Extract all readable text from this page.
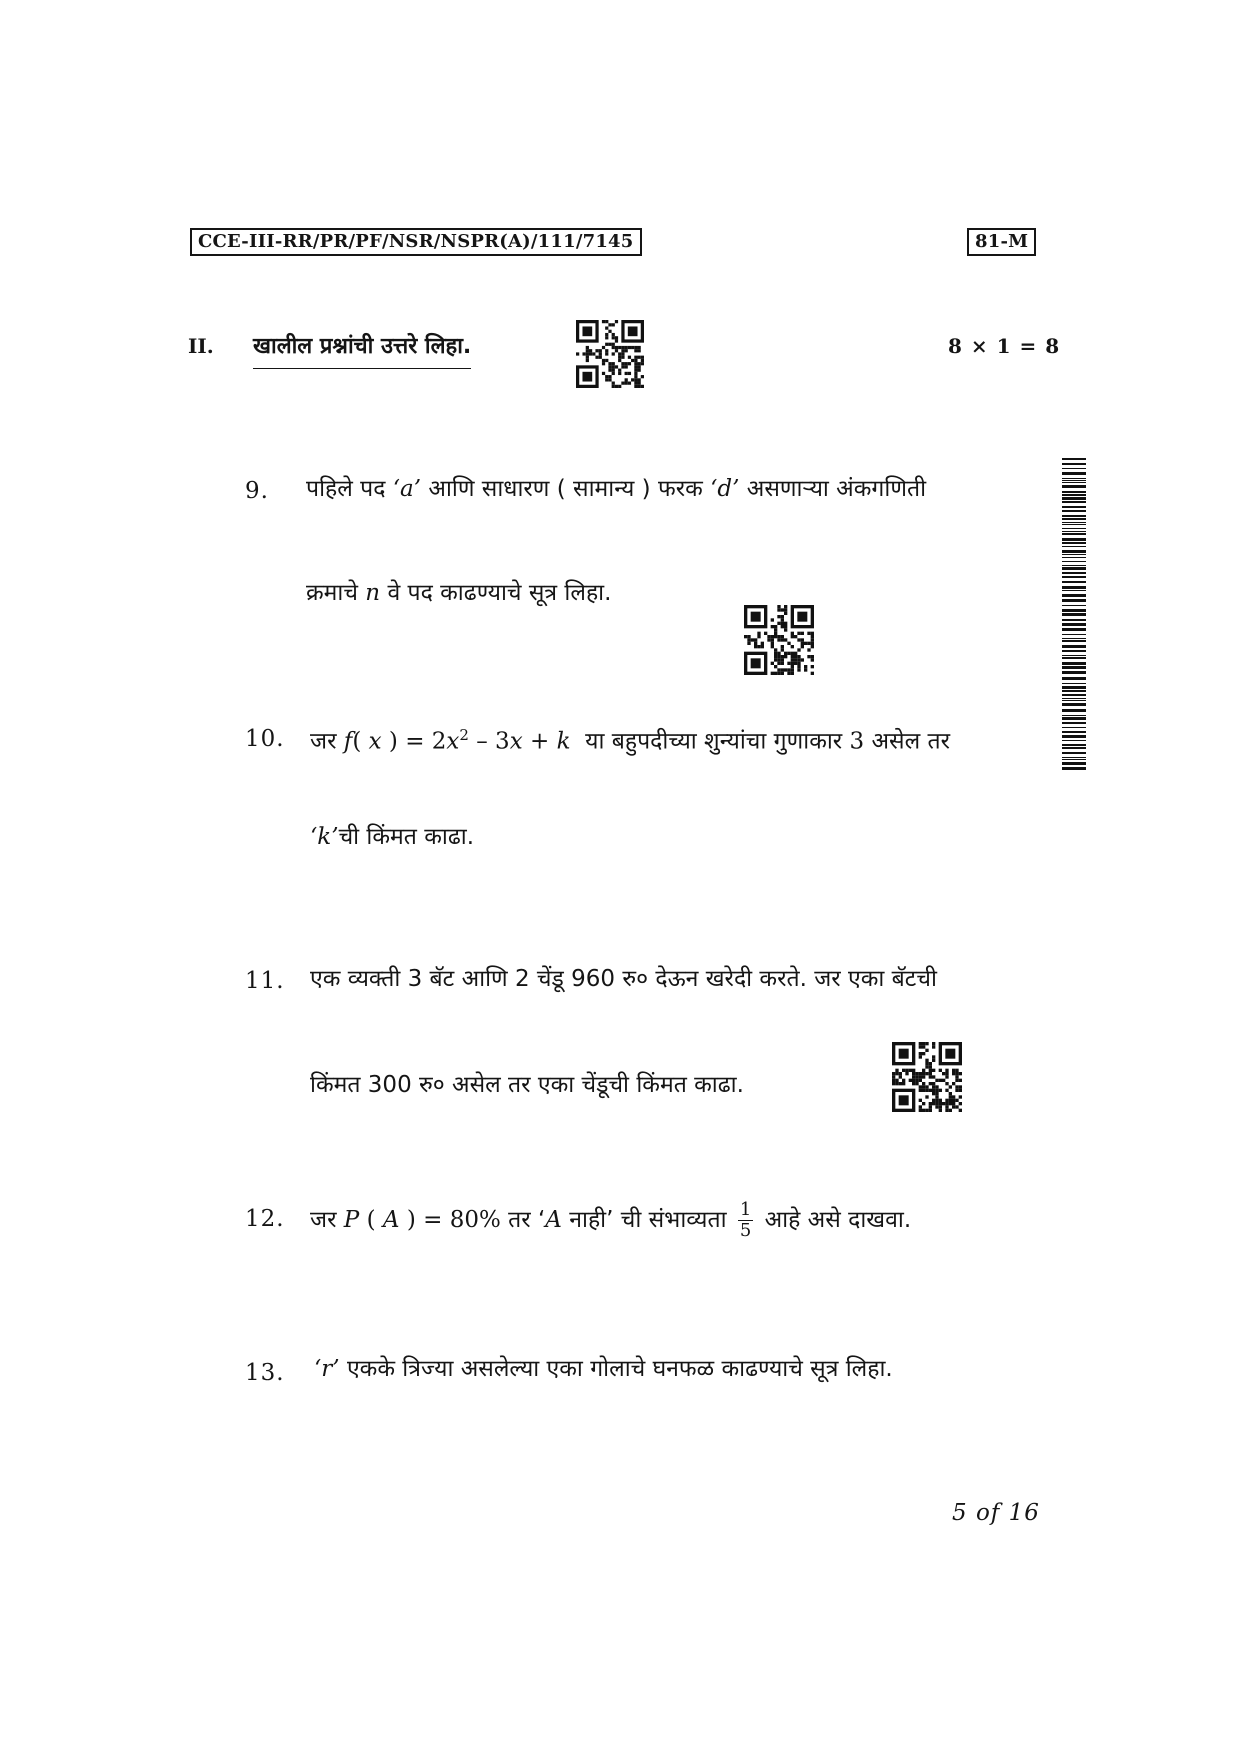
CCE-III-RR/PR/PF/NSR/NSPR(A)/111/7145	81-M
II. खालील प्रश्नांची उत्तरे लिहा.	8 × 1 = 8
9. पहिले पद ‘a’ आणि साधारण ( सामान्य ) फरक ‘d’ असणाऱ्या अंकगणिती
क्रमाचे n वे पद काढण्याचे सूत्र लिहा.
10. जर f( x ) = $2x^2 - 3x + k$ या बहुपदीच्या शुन्यांचा गुणाकार 3 असेल तर
‘k’ची किंमत काढा.
11. एक व्यक्ती 3 बॅट आणि 2 चेंडू 960 रु० देऊन खरेदी करते. जर एका बॅटची
किंमत 300 रु० असेल तर एका चेंडूची किंमत काढा.
12. जर P ( A ) = 80% तर ‘A नाही’ ची संभाव्यता $\frac{1}{5}$ आहे असे दाखवा.
13. ‘r’ एकके त्रिज्या असलेल्या एका गोलाचे घनफळ काढण्याचे सूत्र लिहा.
5 of 16
